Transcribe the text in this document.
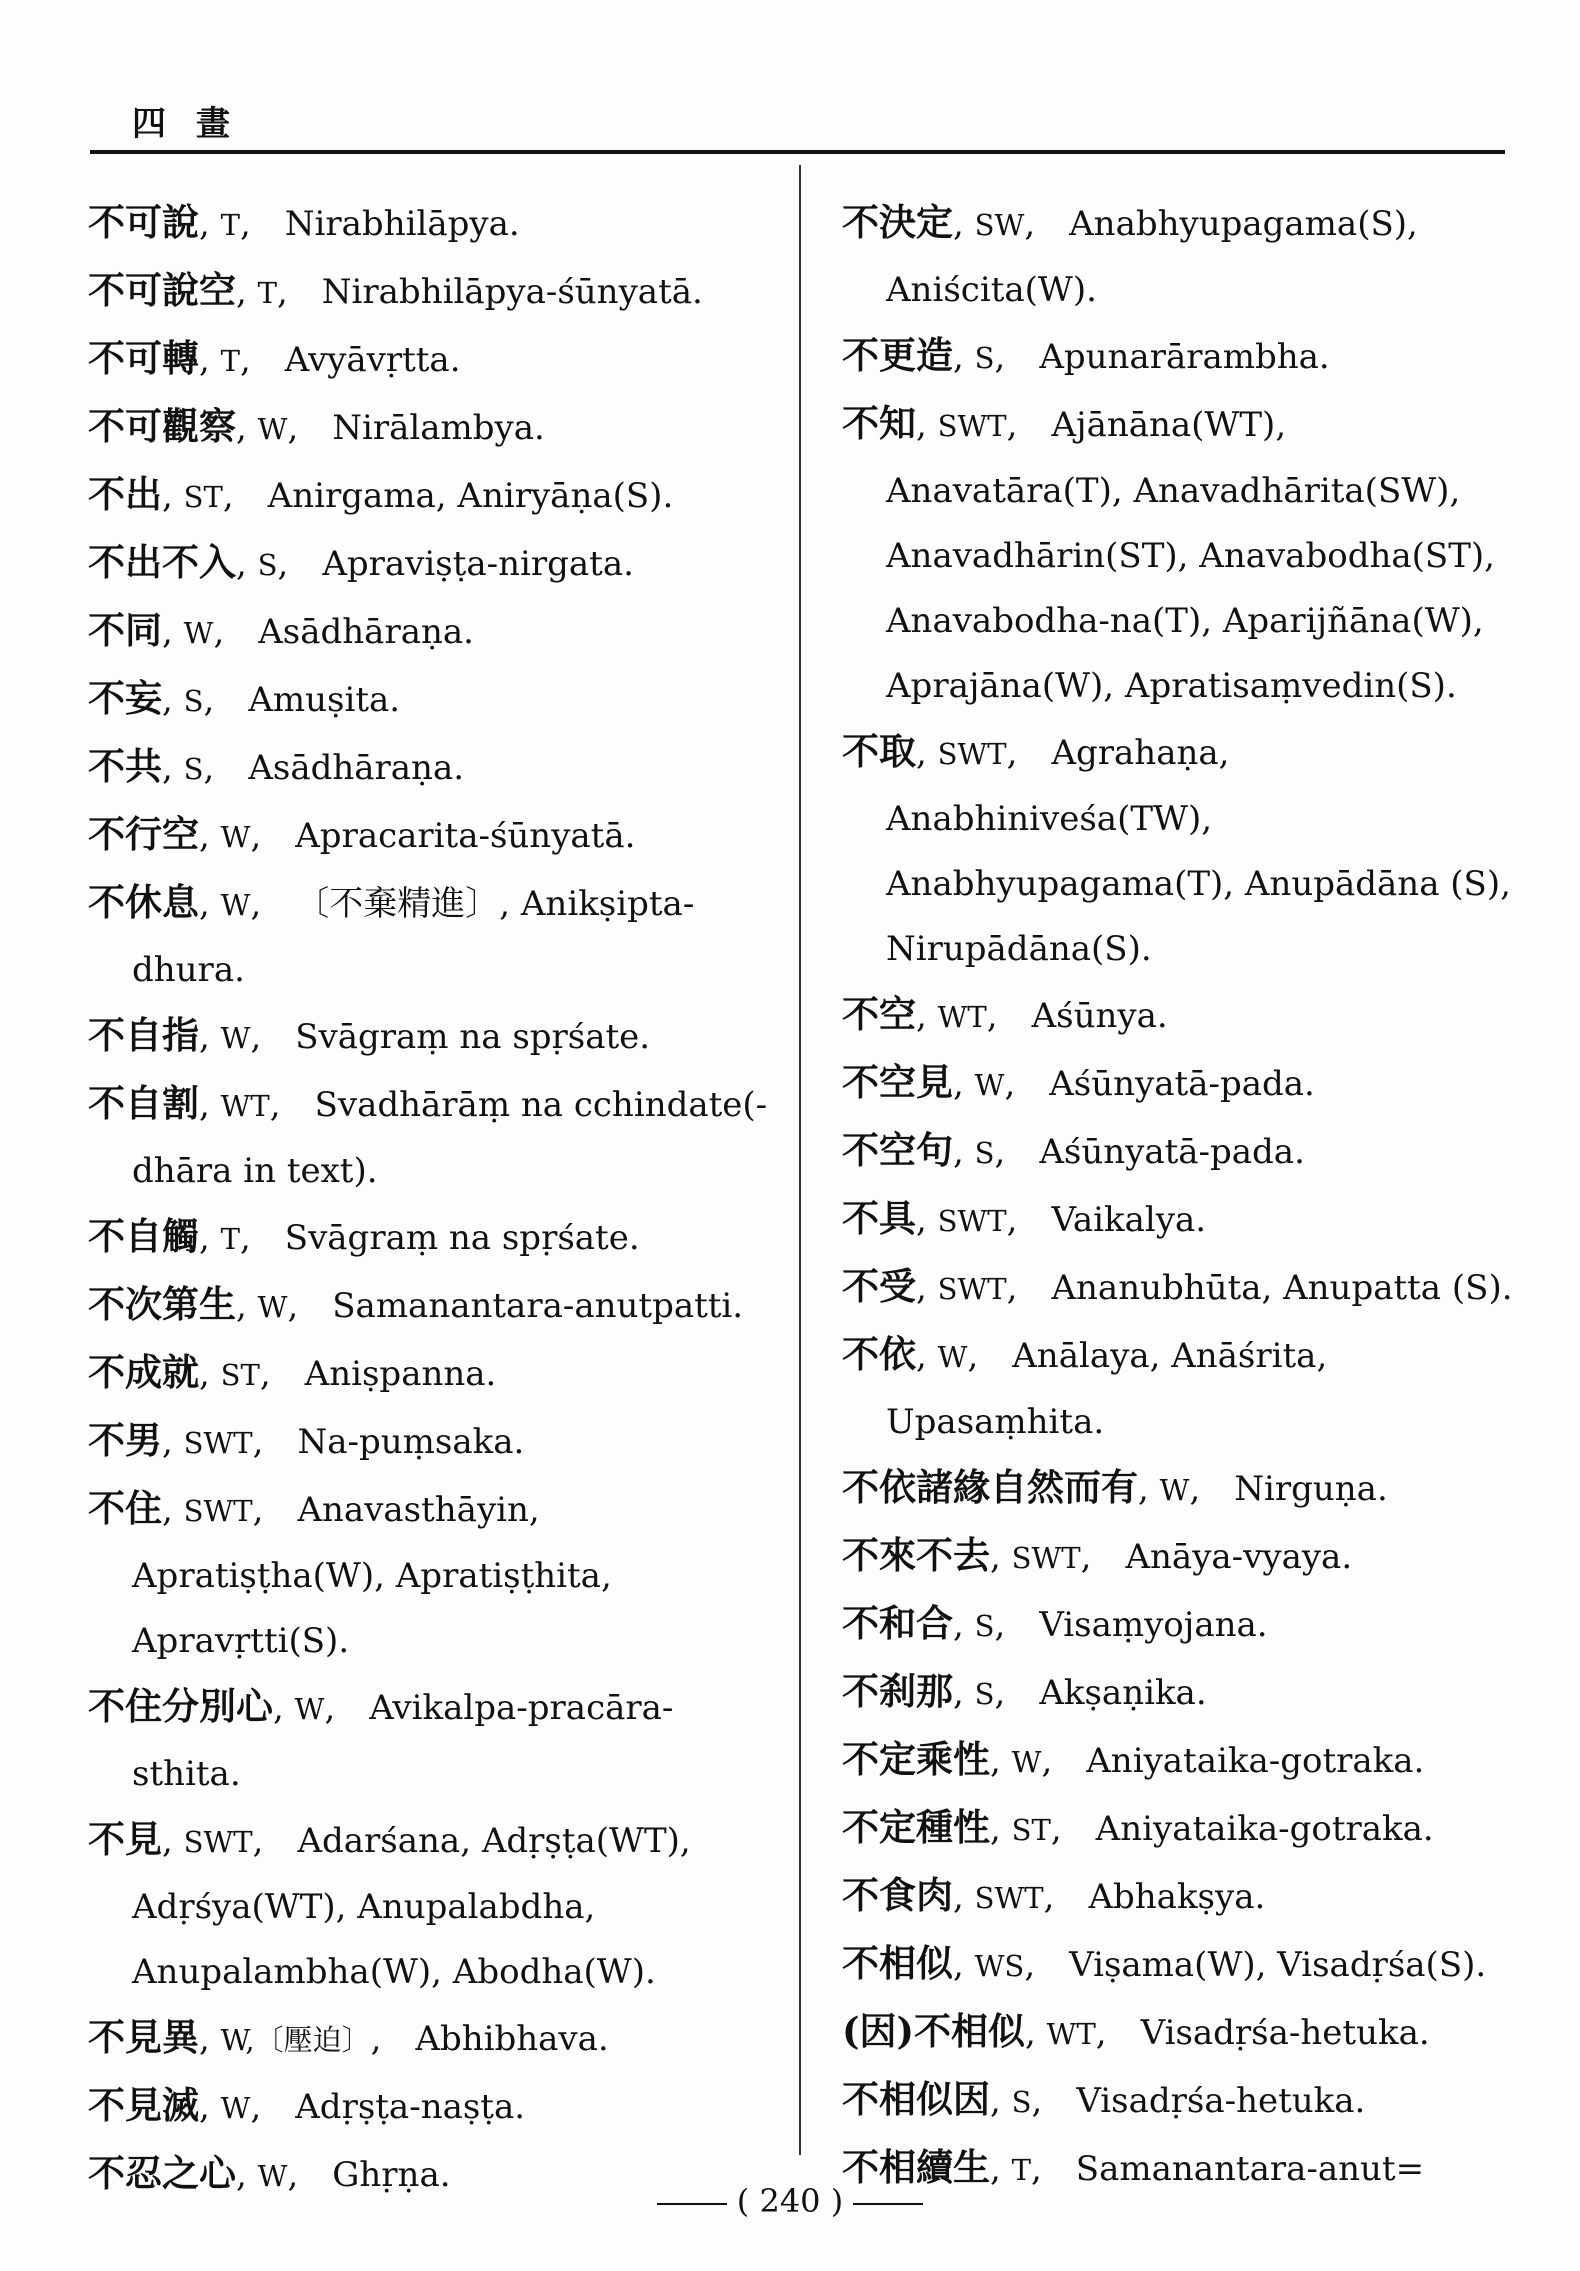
四畫
不可說, T, Nirabhilāpya.
不可說空, T, Nirabhilāpya-śūnyatā.
不可轉, T, Avyāvṛtta.
不可觀察, W, Nirālambya.
不出, ST, Anirgama, Aniryāṇa(S).
不出不入, S, Apraviṣṭa-nirgata.
不同, W, Asādhāraṇa.
不妄, S, Amuṣita.
不共, S, Asādhāraṇa.
不行空, W, Apracarita-śūnyatā.
不休息, W, 〔不棄精進〕, Anikṣipta-dhura.
不自指, W, Svāgraṃ na spṛśate.
不自割, WT, Svadhārāṃ na cchindate(-dhāra in text).
不自觸, T, Svāgraṃ na spṛśate.
不次第生, W, Samanantara-anutpatti.
不成就, ST, Aniṣpanna.
不男, SWT, Na-puṃsaka.
不住, SWT, Anavasthāyin, Apratiṣṭha(W), Apratiṣṭhita, Apravṛtti(S).
不住分別心, W, Avikalpa-pracāra-sthita.
不見, SWT, Adarśana, Adṛṣṭa(WT), Adṛśya(WT), Anupalabdha, Anupalambha(W), Abodha(W).
不見異, W,〔壓迫〕, Abhibhava.
不見滅, W, Adṛṣṭa-naṣṭa.
不忍之心, W, Ghṛṇa.
不決定, SW, Anabhyupagama(S), Aniścita(W).
不更造, S, Apunarārambha.
不知, SWT, Ajānāna(WT), Anavatāra(T), Anavadhārita(SW), Anavadhārin(ST), Anavabodha(ST), Anavabodha-na(T), Aparijñāna(W), Aprajāna(W), Apratisaṃvedin(S).
不取, SWT, Agrahaṇa, Anabhiniveśa(TW), Anabhyupagama(T), Anupādāna (S), Nirupādāna(S).
不空, WT, Aśūnya.
不空見, W, Aśūnyatā-pada.
不空句, S, Aśūnyatā-pada.
不具, SWT, Vaikalya.
不受, SWT, Ananubhūta, Anupatta (S).
不依, W, Anālaya, Anāśrita, Upasaṃhita.
不依諸緣自然而有, W, Nirguṇa.
不來不去, SWT, Anāya-vyaya.
不和合, S, Visaṃyojana.
不刹那, S, Akṣaṇika.
不定乘性, W, Aniyataika-gotraka.
不定種性, ST, Aniyataika-gotraka.
不食肉, SWT, Abhakṣya.
不相似, WS, Viṣama(W), Visadṛśa(S).
(因)不相似, WT, Visadṛśa-hetuka.
不相似因, S, Visadṛśa-hetuka.
不相續生, T, Samanantara-anut=
( 240 )
